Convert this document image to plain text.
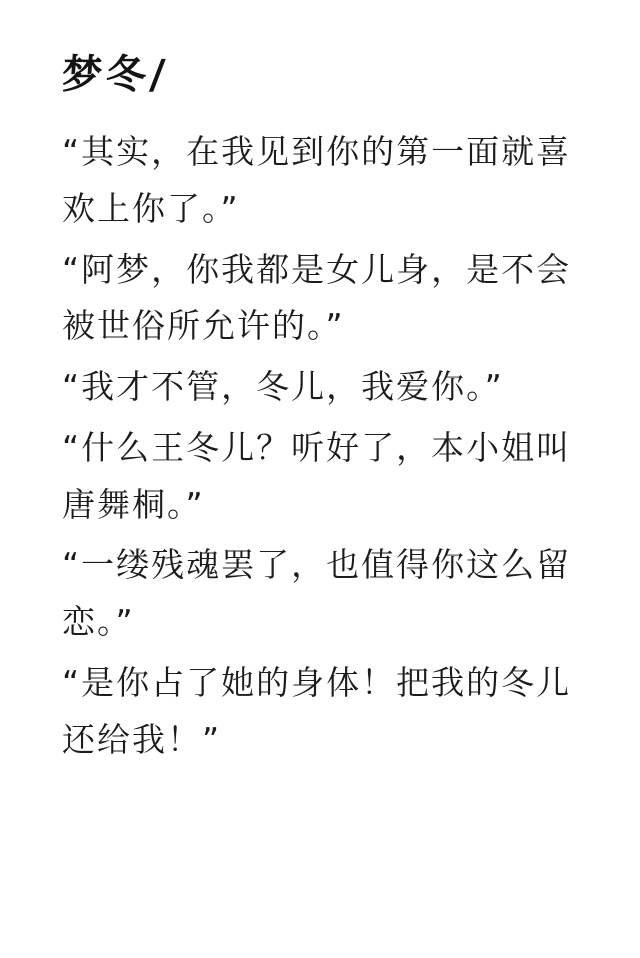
梦冬/

“其实，在我见到你的第一面就喜欢上你了。”

“阿梦，你我都是女儿身，是不会被世俗所允许的。”

“我才不管，冬儿，我爱你。”

“什么王冬儿？听好了，本小姐叫唐舞桐。”

“一缕残魂罢了，也值得你这么留恋。”

“是你占了她的身体！把我的冬儿还给我！”
